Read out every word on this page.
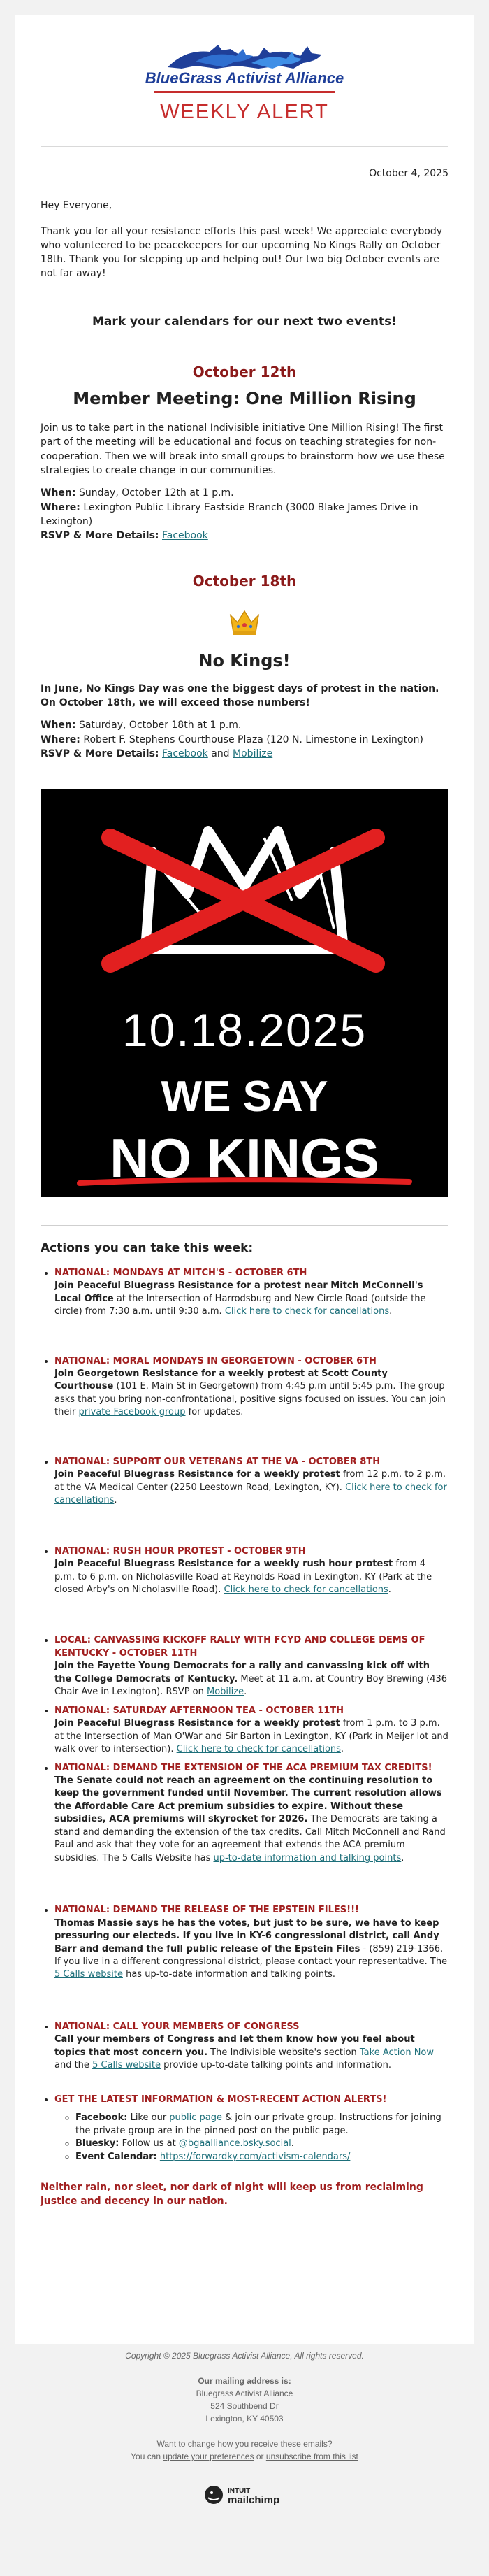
BlueGrass Activist Alliance
WEEKLY ALERT
October 4, 2025

Hey Everyone,

Thank you for all your resistance efforts this past week! We appreciate everybody who volunteered to be peacekeepers for our upcoming No Kings Rally on October 18th. Thank you for stepping up and helping out! Our two big October events are not far away!

Mark your calendars for our next two events!
October 12th
Member Meeting: One Million Rising

Join us to take part in the national Indivisible initiative One Million Rising! The first part of the meeting will be educational and focus on teaching strategies for non-cooperation. Then we will break into small groups to brainstorm how we use these strategies to create change in our communities.

When: Sunday, October 12th at 1 p.m.
Where: Lexington Public Library Eastside Branch (3000 Blake James Drive in Lexington)
RSVP & More Details: Facebook

October 18th
No Kings!

In June, No Kings Day was one the biggest days of protest in the nation. On October 18th, we will exceed those numbers!

When: Saturday, October 18th at 1 p.m.
Where: Robert F. Stephens Courthouse Plaza (120 N. Limestone in Lexington)
RSVP & More Details: Facebook and Mobilize

10.18.2025
WE SAY
NO KINGS
Actions you can take this week:
• NATIONAL: MONDAYS AT MITCH'S - OCTOBER 6TH
Join Peaceful Bluegrass Resistance for a protest near Mitch McConnell's Local Office at the Intersection of Harrodsburg and New Circle Road (outside the circle) from 7:30 a.m. until 9:30 a.m. Click here to check for cancellations.
• NATIONAL: MORAL MONDAYS IN GEORGETOWN - OCTOBER 6TH
Join Georgetown Resistance for a weekly protest at Scott County Courthouse (101 E. Main St in Georgetown) from 4:45 p.m until 5:45 p.m. The group asks that you bring non-confrontational, positive signs focused on issues. You can join their private Facebook group for updates.
• NATIONAL: SUPPORT OUR VETERANS AT THE VA - OCTOBER 8TH
Join Peaceful Bluegrass Resistance for a weekly protest from 12 p.m. to 2 p.m. at the VA Medical Center (2250 Leestown Road, Lexington, KY). Click here to check for cancellations.
• NATIONAL: RUSH HOUR PROTEST - OCTOBER 9TH
Join Peaceful Bluegrass Resistance for a weekly rush hour protest from 4 p.m. to 6 p.m. on Nicholasville Road at Reynolds Road in Lexington, KY (Park at the closed Arby's on Nicholasville Road). Click here to check for cancellations.
• LOCAL: CANVASSING KICKOFF RALLY WITH FCYD AND COLLEGE DEMS OF KENTUCKY - OCTOBER 11TH
Join the Fayette Young Democrats for a rally and canvassing kick off with the College Democrats of Kentucky. Meet at 11 a.m. at Country Boy Brewing (436 Chair Ave in Lexington). RSVP on Mobilize.
• NATIONAL: SATURDAY AFTERNOON TEA - OCTOBER 11TH
Join Peaceful Bluegrass Resistance for a weekly protest from 1 p.m. to 3 p.m. at the Intersection of Man O'War and Sir Barton in Lexington, KY (Park in Meijer lot and walk over to intersection). Click here to check for cancellations.
• NATIONAL: DEMAND THE EXTENSION OF THE ACA PREMIUM TAX CREDITS!
The Senate could not reach an agreement on the continuing resolution to keep the government funded until November. The current resolution allows the Affordable Care Act premium subsidies to expire. Without these subsidies, ACA premiums will skyrocket for 2026. The Democrats are taking a stand and demanding the extension of the tax credits. Call Mitch McConnell and Rand Paul and ask that they vote for an agreement that extends the ACA premium subsidies. The 5 Calls Website has up-to-date information and talking points.
• NATIONAL: DEMAND THE RELEASE OF THE EPSTEIN FILES!!!
Thomas Massie says he has the votes, but just to be sure, we have to keep pressuring our electeds. If you live in KY-6 congressional district, call Andy Barr and demand the full public release of the Epstein Files - (859) 219-1366. If you live in a different congressional district, please contact your representative. The 5 Calls website has up-to-date information and talking points.
• NATIONAL: CALL YOUR MEMBERS OF CONGRESS
Call your members of Congress and let them know how you feel about topics that most concern you. The Indivisible website's section Take Action Now and the 5 Calls website provide up-to-date talking points and information.
• GET THE LATEST INFORMATION & MOST-RECENT ACTION ALERTS!
◦ Facebook: Like our public page & join our private group. Instructions for joining the private group are in the pinned post on the public page.
◦ Bluesky: Follow us at @bgaalliance.bsky.social.
◦ Event Calendar: https://forwardky.com/activism-calendars/

Neither rain, nor sleet, nor dark of night will keep us from reclaiming justice and decency in our nation.

Copyright © 2025 Bluegrass Activist Alliance, All rights reserved.
Our mailing address is:
Bluegrass Activist Alliance
524 Southbend Dr
Lexington, KY 40503
Want to change how you receive these emails?
You can update your preferences or unsubscribe from this list
INTUIT
mailchimp
